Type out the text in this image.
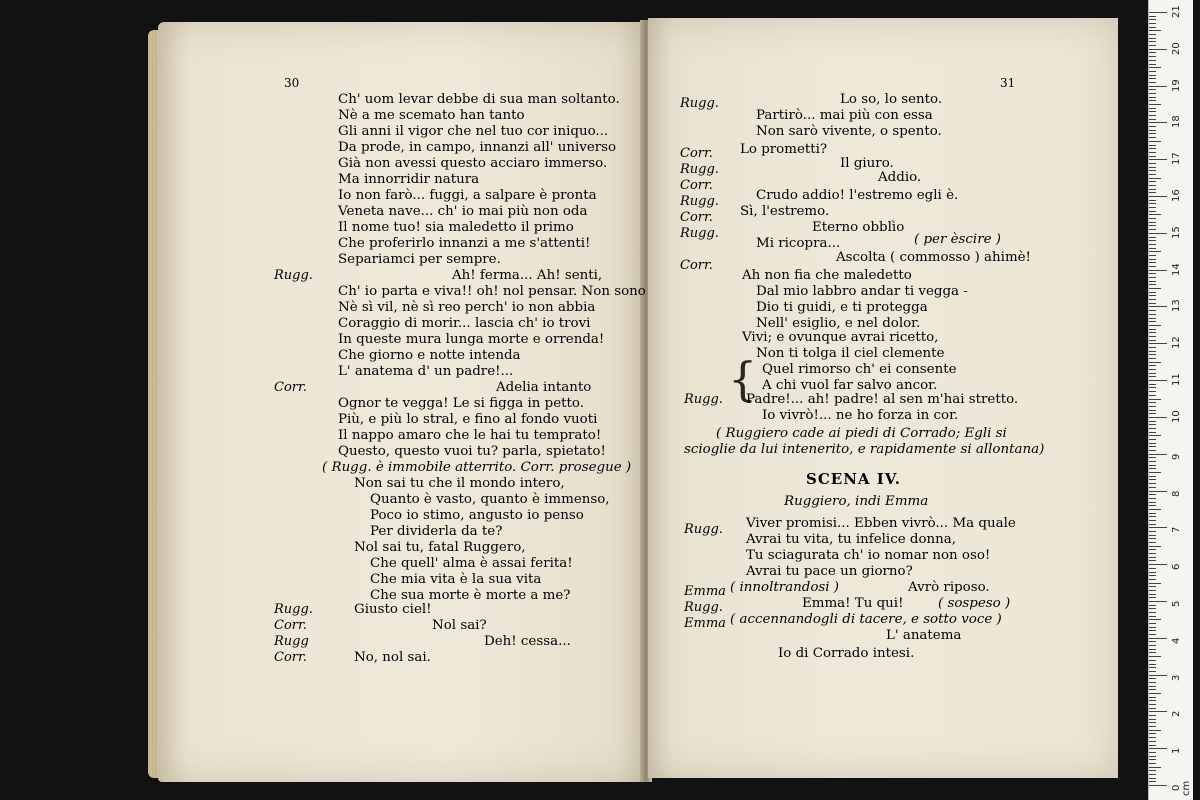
30
Ch' uom levar debbe di sua man soltanto.
Nè a me scemato han tanto
Gli anni il vigor che nel tuo cor iniquo...
Da prode, in campo, innanzi all' universo
Già non avessi questo acciaro immerso.
Ma innorridir natura
Io non farò... fuggi, a salpare è pronta
Veneta nave... ch' io mai più non oda
Il nome tuo! sia maledetto il primo
Che proferirlo innanzi a me s'attenti!
Separiamci per sempre.
Rugg.	Ah! ferma... Ah! senti,
Ch' io parta e viva!! oh! nol pensar. Non sono
Nè sì vil, nè sì reo perch' io non abbia
Coraggio di morir... lascia ch' io trovi
In queste mura lunga morte e orrenda!
Che giorno e notte intenda
L' anatema d' un padre!...
Corr.	Adelia intanto
Ognor te vegga! Le si figga in petto.
Più, e più lo stral, e fino al fondo vuoti
Il nappo amaro che le hai tu temprato!
Questo, questo vuoi tu? parla, spietato!
( Rugg. è immobile atterrito. Corr. prosegue )
Non sai tu che il mondo intero,
Quanto è vasto, quanto è immenso,
Poco io stimo, angusto io penso
Per dividerla da te?
Nol sai tu, fatal Ruggero,
Che quell' alma è assai ferita!
Che mia vita è la sua vita
Che sua morte è morte a me?
Rugg.	Giusto ciel!
Corr.	Nol sai?
Rugg	Deh! cessa...
Corr.	No, nol sai.
31
Rugg.	Lo so, lo sento.
Partirò... mai più con essa
Non sarò vivente, o spento.
Corr. Lo prometti?
Rugg.	Il giuro.
Corr.
Addio.
Rugg.	Crudo addio! l'estremo egli è.
Corr. Sì, l'estremo.
Rugg.	Eterno obblìo
Mi ricopra...	( per èscire )
Corr.
Ascolta ( commosso ) ahimè!
Ah non fia che maledetto
Dal mio labbro andar ti vegga -
Dio ti guidi, e ti protegga
Nell' esiglio, e nel dolor.
Vivi; e ovunque avrai ricetto,
Non ti tolga il ciel clemente
{ Quel rimorso ch' ei consente
A chi vuol far salvo ancor.
Rugg. Padre!... ah! padre! al sen m'hai stretto.
Io vivrò!... ne ho forza in cor.
( Ruggiero cade ai piedi di Corrado; Egli si
scioglie da lui intenerito, e rapidamente si allontana)
SCENA IV.
Ruggiero, indi Emma
Rugg. Viver promisi... Ebben vivrò... Ma quale
Avrai tu vita, tu infelice donna,
Tu sciagurata ch' io nomar non oso!
Avrai tu pace un giorno?
Emma ( innoltrandosi )	Avrò riposo.
Rugg.	Emma! Tu qui!	( sospeso )
Emma ( accennandogli di tacere, e sotto voce )
L' anatema
Io di Corrado intesi.
0
1
2
3
4
5
6
7
8
9
10
11
12
13
14
15
16
17
18
19
20
21
cm
